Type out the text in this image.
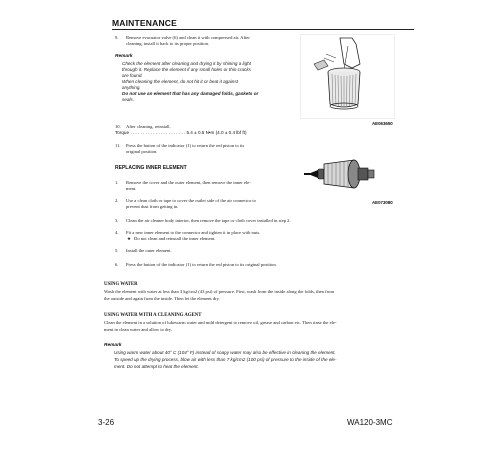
MAINTENANCE
9. Remove evacuator valve (6) and clean it with compressed air. After
cleaning, install it back to its proper position.
Remark
Check the element after cleaning and drying it by shining a light
through it. Replace the element if any small holes or thin cracks
are found.
When cleaning the element, do not hit it or beat it against
anything.
Do not use an element that has any damaged folds, gaskets or
seals.
AE063650
10. After cleaning, reinstall.
Torque . . . . . . . . . . . . . . . . . . . . . . 5.4 ± 0.5 N•m (4.0 ± 0.4 lbf ft)
11. Press the button of the indicator (1) to return the red piston to its
original position.
REPLACING INNER ELEMENT
AE073080
1. Remove the cover and the outer element, then remove the inner ele-
ment.
2. Use a clean cloth or tape to cover the outlet side of the air connector to
prevent dust from getting in.
3. Clean the air cleaner body interior, then remove the tape or cloth cover installed in step 2.
4. Fit a new inner element to the connector and tighten it in place with nuts.
★ Do not clean and reinstall the inner element.
5. Install the outer element.
6. Press the button of the indicator (1) to return the red piston to its original position.
USING WATER
Wash the element with water at less than 3 kg/cm2 (43 psi) of pressure. First, wash from the inside along the folds, then from
the outside and again from the inside. Then let the element dry.
USING WATER WITH A CLEANING AGENT
Clean the element in a solution of lukewarm water and mild detergent to remove oil, grease and carbon etc. Then rinse the ele-
ment in clean water and allow to dry.
Remark
Using warm water about 40° C (104° F) instead of soapy water may also be effective in cleaning the element.
To speed up the drying process, blow air with less than 7 kg/cm2 (100 psi) of pressure to the inside of the ele-
ment. Do not attempt to heat the element.
3-26	WA120-3MC
